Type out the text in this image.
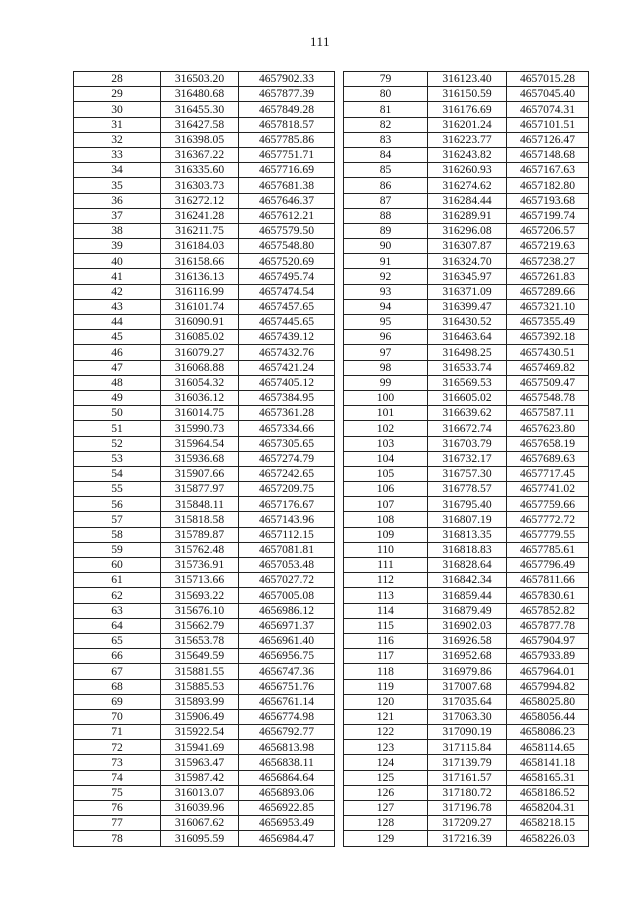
111
28	316503.20	4657902.33
29	316480.68	4657877.39
30	316455.30	4657849.28
31	316427.58	4657818.57
32	316398.05	4657785.86
33	316367.22	4657751.71
34	316335.60	4657716.69
35	316303.73	4657681.38
36	316272.12	4657646.37
37	316241.28	4657612.21
38	316211.75	4657579.50
39	316184.03	4657548.80
40	316158.66	4657520.69
41	316136.13	4657495.74
42	316116.99	4657474.54
43	316101.74	4657457.65
44	316090.91	4657445.65
45	316085.02	4657439.12
46	316079.27	4657432.76
47	316068.88	4657421.24
48	316054.32	4657405.12
49	316036.12	4657384.95
50	316014.75	4657361.28
51	315990.73	4657334.66
52	315964.54	4657305.65
53	315936.68	4657274.79
54	315907.66	4657242.65
55	315877.97	4657209.75
56	315848.11	4657176.67
57	315818.58	4657143.96
58	315789.87	4657112.15
59	315762.48	4657081.81
60	315736.91	4657053.48
61	315713.66	4657027.72
62	315693.22	4657005.08
63	315676.10	4656986.12
64	315662.79	4656971.37
65	315653.78	4656961.40
66	315649.59	4656956.75
67	315881.55	4656747.36
68	315885.53	4656751.76
69	315893.99	4656761.14
70	315906.49	4656774.98
71	315922.54	4656792.77
72	315941.69	4656813.98
73	315963.47	4656838.11
74	315987.42	4656864.64
75	316013.07	4656893.06
76	316039.96	4656922.85
77	316067.62	4656953.49
78	316095.59	4656984.47
79	316123.40	4657015.28
80	316150.59	4657045.40
81	316176.69	4657074.31
82	316201.24	4657101.51
83	316223.77	4657126.47
84	316243.82	4657148.68
85	316260.93	4657167.63
86	316274.62	4657182.80
87	316284.44	4657193.68
88	316289.91	4657199.74
89	316296.08	4657206.57
90	316307.87	4657219.63
91	316324.70	4657238.27
92	316345.97	4657261.83
93	316371.09	4657289.66
94	316399.47	4657321.10
95	316430.52	4657355.49
96	316463.64	4657392.18
97	316498.25	4657430.51
98	316533.74	4657469.82
99	316569.53	4657509.47
100	316605.02	4657548.78
101	316639.62	4657587.11
102	316672.74	4657623.80
103	316703.79	4657658.19
104	316732.17	4657689.63
105	316757.30	4657717.45
106	316778.57	4657741.02
107	316795.40	4657759.66
108	316807.19	4657772.72
109	316813.35	4657779.55
110	316818.83	4657785.61
111	316828.64	4657796.49
112	316842.34	4657811.66
113	316859.44	4657830.61
114	316879.49	4657852.82
115	316902.03	4657877.78
116	316926.58	4657904.97
117	316952.68	4657933.89
118	316979.86	4657964.01
119	317007.68	4657994.82
120	317035.64	4658025.80
121	317063.30	4658056.44
122	317090.19	4658086.23
123	317115.84	4658114.65
124	317139.79	4658141.18
125	317161.57	4658165.31
126	317180.72	4658186.52
127	317196.78	4658204.31
128	317209.27	4658218.15
129	317216.39	4658226.03
